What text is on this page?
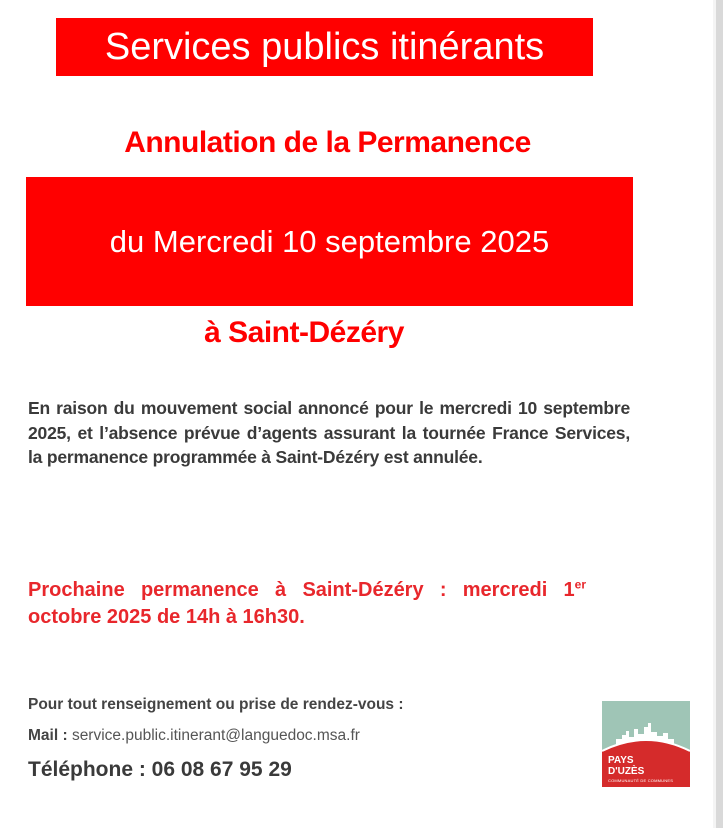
Services publics itinérants
Annulation de la Permanence
du Mercredi 10 septembre 2025
à Saint-Dézéry
En raison du mouvement social annoncé pour le mercredi 10 septembre 2025, et l’absence prévue d’agents assurant la tournée France Services, la permanence programmée à Saint-Dézéry est annulée.
Prochaine permanence à Saint-Dézéry : mercredi 1er octobre 2025 de 14h à 16h30.
Pour tout renseignement ou prise de rendez-vous :
Mail : service.public.itinerant@languedoc.msa.fr
Téléphone : 06 08 67 95 29	PAYS
D'UZÈS
COMMUNAUTÉ DE COMMUNES
